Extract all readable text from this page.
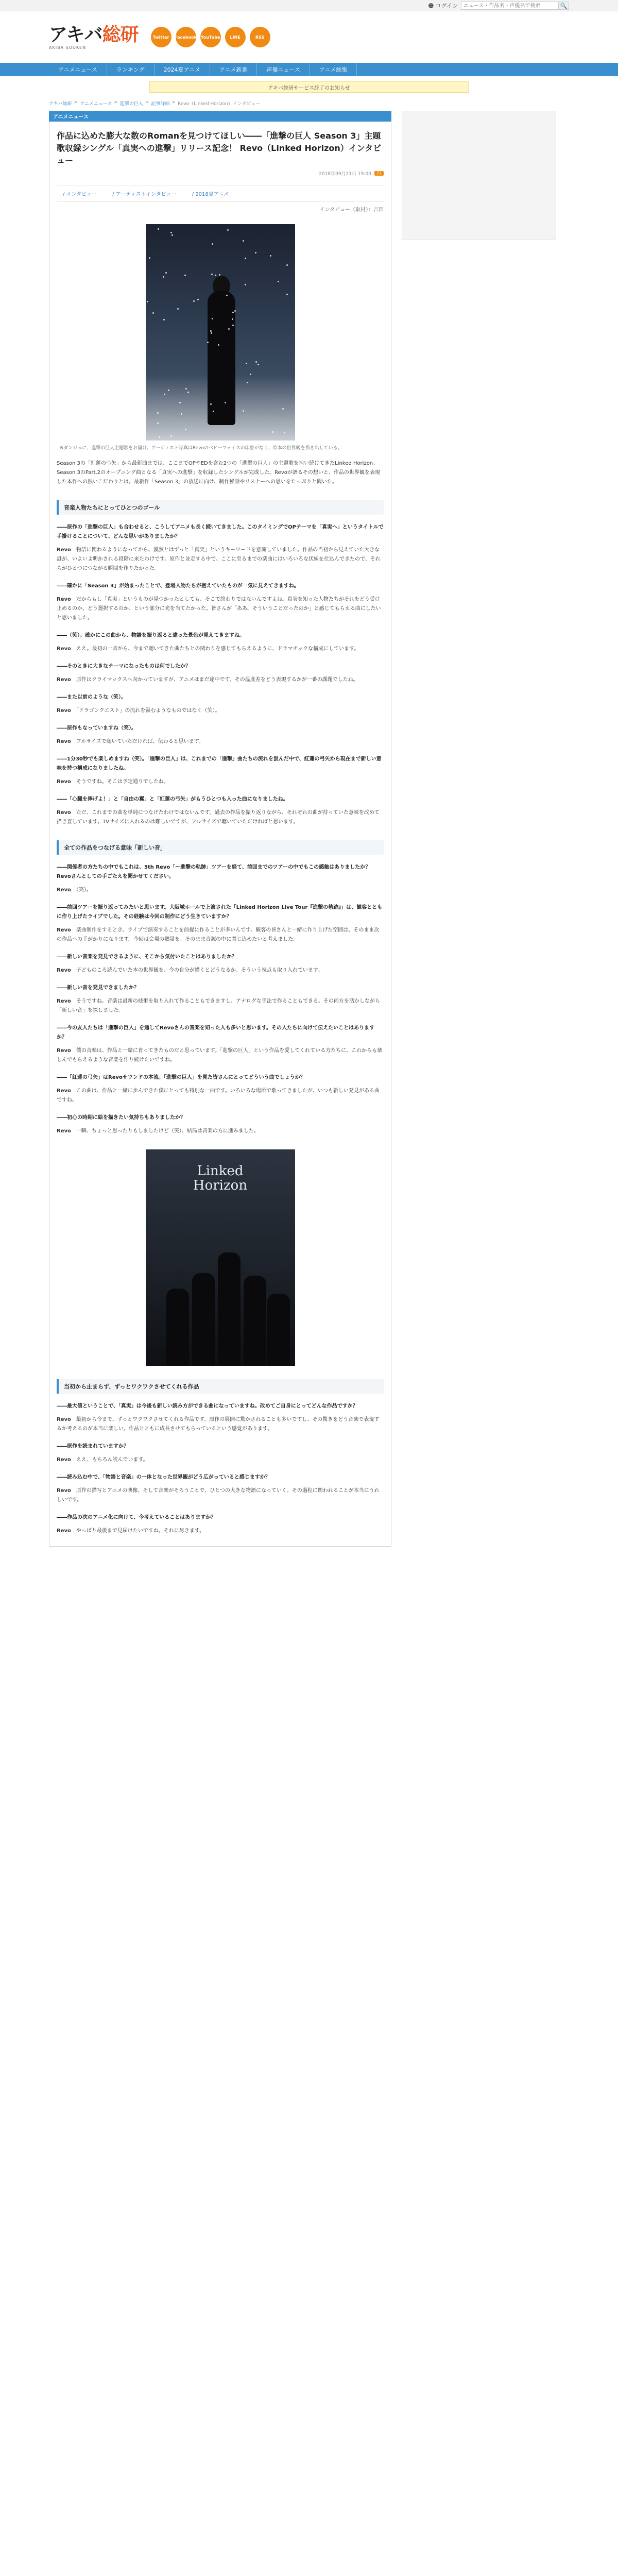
☻ ログイン
ニュース・作品名・声優名で検索	🔍
アキバ総研
AKIBA SOUKEN
Twitter	Facebook YouTube	LINE	RSS
アニメニュース	ランキング	2024夏アニメ	アニメ新番	声優ニュース	アニメ総集
アキバ総研サービス終了のお知らせ
アキバ総研 > アニメニュース > 進撃の巨人 > 記事詳細 > Revo（Linked Horizon）インタビュー
アニメニュース
作品に込めた膨大な数のRomanを見つけてほしい――「進撃の巨人 Season 3」主題歌収録シングル「真実への進撃」リリース記念！ Revo（Linked Horizon）インタビュー
2018年09月21日 19:00	77
/ インタビュー	/ アーティストインタビュー	/ 2018夏アニメ
インタビュー（取材）：吉田
※ダンジュに、進撃の巨人主題歌をお届け。アーティスト写真はRevoのベビーフェイスの印象がなく、絵本の世界観を描き出している。

Season 3の「紅蓮の弓矢」から最新曲までは、ここまでOPやEDを含む2つの「進撃の巨人」の主題歌を担い続けてきたLinked Horizon。Season 3のPart.2のオープニング曲となる「真実への進撃」を収録したシングルが完成した。Revoが語るその想いと、作品の世界観を表現した本作への熱いこだわりとは。最新作「Season 3」の放送に向け、制作秘話やリスナーへの思いをたっぷりと聞いた。

音楽人物たちにとってひとつのゴール

――原作の「進撃の巨人」も合わせると、こうしてアニメも長く続いてきました。このタイミングでOPテーマを「真実へ」というタイトルで手掛けることについて、どんな思いがありましたか？

Revo　物語に関わるようになってから、漠然とはずっと「真実」というキーワードを意識していました。作品の当初から見えていた大きな謎が、いよいよ明かされる段階に来たわけです。原作と並走する中で、ここに至るまでの楽曲にはいろいろな伏線を仕込んできたので、それらがひとつにつながる瞬間を作りたかった。

――確かに「Season 3」が始まったことで、登場人物たちが抱えていたものが一気に見えてきますね。

Revo　だからもし「真実」というものが見つかったとしても、そこで終わりではないんですよね。真実を知った人物たちがそれをどう受け止めるのか、どう選択するのか、という部分に光を当てたかった。皆さんが「ああ、そういうことだったのか」と感じてもらえる曲にしたいと思いました。

――（笑）。確かにこの曲から、物語を振り返ると違った景色が見えてきますね。

Revo　ええ。最初の一音から、今まで聴いてきた曲たちとの関わりを感じてもらえるように、ドラマチックな構成にしています。

――そのときに大きなテーマになったものは何でしたか？

Revo　原作はクライマックスへ向かっていますが、アニメはまだ途中です。その温度差をどう表現するかが一番の課題でしたね。

――また以前のような（笑）。

Revo　「ドラゴンクエスト」の流れを汲むようなものではなく（笑）。

――原作もなっていますね（笑）。

Revo　フルサイズで聴いていただければ、伝わると思います。

――1分30秒でも楽しめますね（笑）。「進撃の巨人」は、これまでの「進撃」曲たちの流れを汲んだ中で、紅蓮の弓矢から現在まで新しい意味を持つ構成になりましたね。

Revo　そうですね。そこは予定通りでしたね。

――「心臓を捧げよ！」と「自由の翼」と「紅蓮の弓矢」がもうひとつも入った曲になりましたね。

Revo　ただ、これまでの曲を単純につなげたわけではないんです。過去の作品を振り返りながら、それぞれの曲が持っていた意味を改めて描き直しています。TVサイズに入れるのは難しいですが、フルサイズで聴いていただければと思います。

全ての作品をつなげる意味「新しい音」

――関係者の方たちの中でもこれは、5th Revo「〜進撃の軌跡」ツアーを経て、前回までのツアーの中でもこの感触はありましたか？Revoさんとしての手ごたえを聞かせてください。

Revo　（笑）。

――前回ツアーを振り返ってみたいと思います。大阪城ホールで上演された「Linked Horizon Live Tour『進撃の軌跡』」は、観客とともに作り上げたライブでした。その経験は今回の制作にどう生きていますか？

Revo　楽曲制作をするとき、ライブで演奏することを前提に作ることが多いんです。観客の皆さんと一緒に作り上げた空間は、そのまま次の作品への手がかりになります。今回は会場の熱量を、そのまま音源の中に閉じ込めたいと考えました。

――新しい音楽を発見できるように、そこから気付いたことはありましたか？

Revo　子どものころ読んでいた本の世界観を、今の自分が描くとどうなるか。そういう視点も取り入れています。

――新しい音を発見できましたか？

Revo　そうですね。音楽は最新の技術を取り入れて作ることもできますし、アナログな手法で作ることもできる。その両方を活かしながら「新しい音」を探しました。

――今の友人たちは「進撃の巨人」を通してRevoさんの音楽を知った人も多いと思います。その人たちに向けて伝えたいことはありますか？

Revo　僕の音楽は、作品と一緒に育ってきたものだと思っています。「進撃の巨人」という作品を愛してくれている方たちに、これからも楽しんでもらえるような音楽を作り続けたいですね。

――「紅蓮の弓矢」はRevoサウンドの本流。「進撃の巨人」を見た皆さんにとってどういう曲でしょうか？

Revo　この曲は、作品と一緒に歩んできた僕にとっても特別な一曲です。いろいろな場所で歌ってきましたが、いつも新しい発見がある曲ですね。

――初心の時期に絵を描きたい気持ちもありましたか？

Revo　一瞬、ちょっと思ったりもしましたけど（笑）。結局は音楽の方に進みました。

Linked
Horizon
当初から止まらず、ずっとワクワクさせてくれる作品

――最大値ということで、「真実」は今後も新しい読み方ができる曲になっていますね。改めてご自身にとってどんな作品ですか？

Revo　最初から今まで、ずっとワクワクさせてくれる作品です。原作の展開に驚かされることも多いですし、その驚きをどう音楽で表現するか考えるのが本当に楽しい。作品とともに成長させてもらっているという感覚があります。

――原作を読まれていますか？

Revo　ええ、もちろん読んでいます。

――読み込む中で、「物語と音楽」の一体となった世界観がどう広がっていると感じますか？

Revo　原作の描写とアニメの映像、そして音楽がそろうことで、ひとつの大きな物語になっていく。その過程に関われることが本当にうれしいです。

――作品の次のアニメ化に向けて、今考えていることはありますか？

Revo　やっぱり最後まで見届けたいですね。それに尽きます。
